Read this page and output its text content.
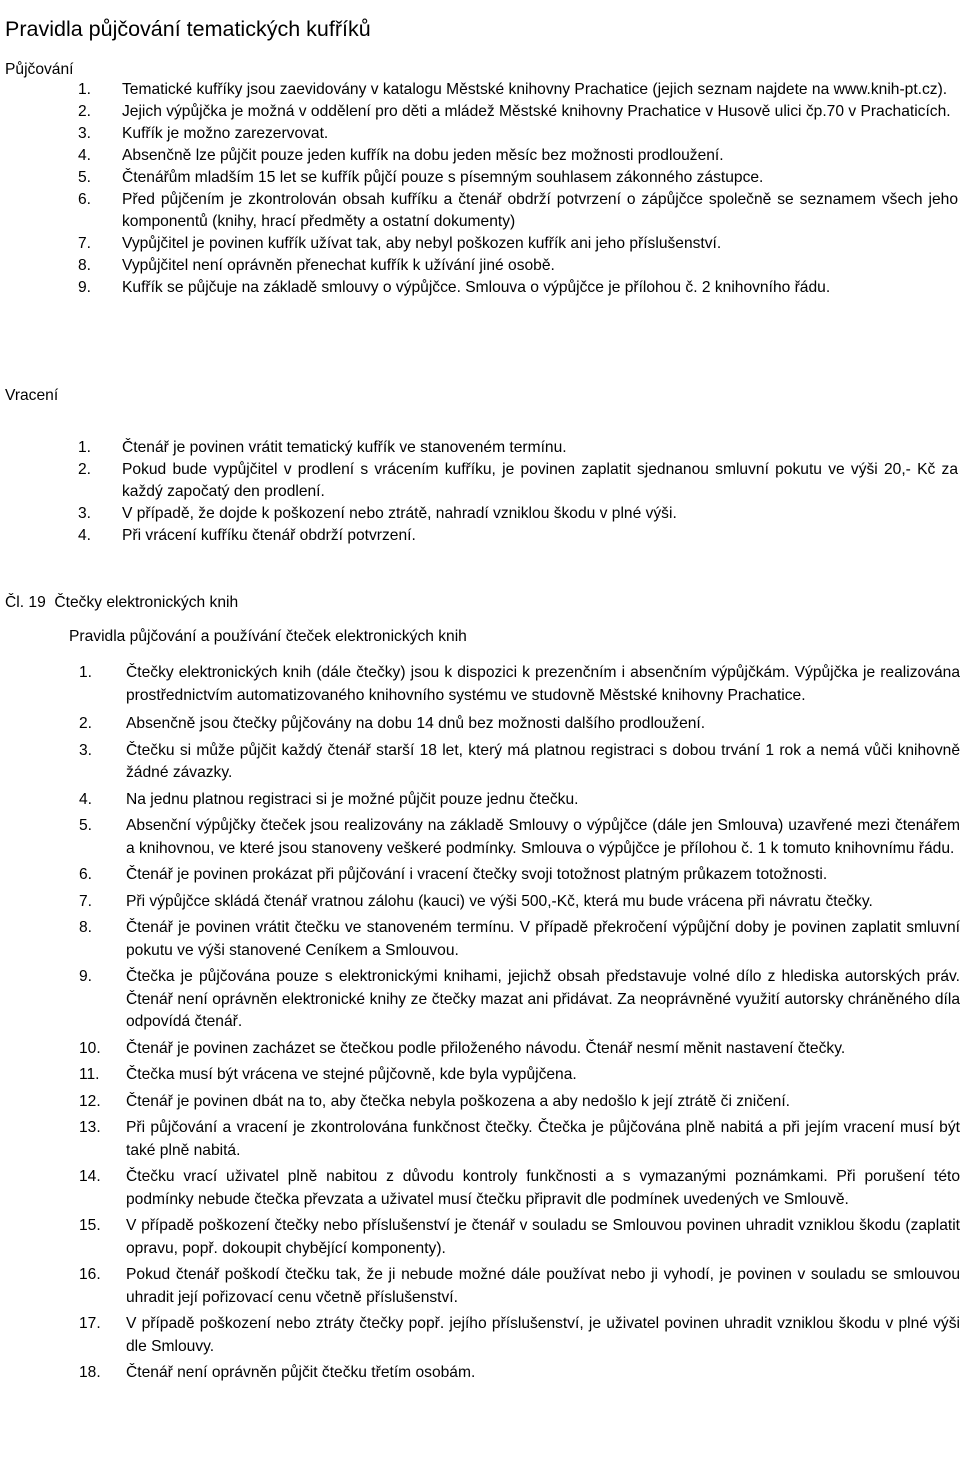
Pravidla půjčování tematických kufříků
Půjčování
1. Tematické kufříky jsou zaevidovány v katalogu Městské knihovny Prachatice (jejich seznam najdete na www.knih-pt.cz).
2. Jejich výpůjčka je možná v oddělení pro děti a mládež Městské knihovny Prachatice v Husově ulici čp.70 v Prachaticích.
3. Kufřík je možno zarezervovat.
4. Absenčně lze půjčit pouze jeden kufřík na dobu jeden měsíc bez možnosti prodloužení.
5. Čtenářům mladším 15 let se kufřík půjčí pouze s písemným souhlasem zákonného zástupce.
6. Před půjčením je zkontrolován obsah kufříku a čtenář obdrží potvrzení o zápůjčce společně se seznamem všech jeho komponentů (knihy, hrací předměty a ostatní dokumenty)
7. Vypůjčitel je povinen kufřík užívat tak, aby nebyl poškozen kufřík ani jeho příslušenství.
8. Vypůjčitel není oprávněn přenechat kufřík k užívání jiné osobě.
9. Kufřík se půjčuje na základě smlouvy o výpůjčce. Smlouva o výpůjčce je přílohou č. 2 knihovního řádu.
Vracení
1. Čtenář je povinen vrátit tematický kufřík ve stanoveném termínu.
2. Pokud bude vypůjčitel v prodlení s vrácením kufříku, je povinen zaplatit sjednanou smluvní pokutu ve výši 20,- Kč za každý započatý den prodlení.
3. V případě, že dojde k poškození nebo ztrátě, nahradí vzniklou škodu v plné výši.
4. Při vrácení kufříku čtenář obdrží potvrzení.
Čl. 19  Čtečky elektronických knih
Pravidla půjčování a používání čteček elektronických knih
1. Čtečky elektronických knih (dále čtečky) jsou k dispozici k prezenčním i absenčním výpůjčkám. Výpůjčka je realizována prostřednictvím automatizovaného knihovního systému ve studovně Městské knihovny Prachatice.
2. Absenčně jsou čtečky půjčovány na dobu 14 dnů bez možnosti dalšího prodloužení.
3. Čtečku si může půjčit každý čtenář starší 18 let, který má platnou registraci s dobou trvání 1 rok a nemá vůči knihovně žádné závazky.
4. Na jednu platnou registraci si je možné půjčit pouze jednu čtečku.
5. Absenční výpůjčky čteček jsou realizovány na základě Smlouvy o výpůjčce (dále jen Smlouva) uzavřené mezi čtenářem a knihovnou, ve které jsou stanoveny veškeré podmínky. Smlouva o výpůjčce je přílohou č. 1 k tomuto knihovnímu řádu.
6. Čtenář je povinen prokázat při půjčování i vracení čtečky svoji totožnost platným průkazem totožnosti.
7. Při výpůjčce skládá čtenář vratnou zálohu (kauci) ve výši 500,-Kč, která mu bude vrácena při návratu čtečky.
8. Čtenář je povinen vrátit čtečku ve stanoveném termínu. V případě překročení výpůjční doby je povinen zaplatit smluvní pokutu ve výši stanovené Ceníkem a Smlouvou.
9. Čtečka je půjčována pouze s elektronickými knihami, jejichž obsah představuje volné dílo z hlediska autorských práv. Čtenář není oprávněn elektronické knihy ze čtečky mazat ani přidávat. Za neoprávněné využití autorsky chráněného díla odpovídá čtenář.
10. Čtenář je povinen zacházet se čtečkou podle přiloženého návodu. Čtenář nesmí měnit nastavení čtečky.
11. Čtečka musí být vrácena ve stejné půjčovně, kde byla vypůjčena.
12. Čtenář je povinen dbát na to, aby čtečka nebyla poškozena a aby nedošlo k její ztrátě či zničení.
13. Při půjčování a vracení je zkontrolována funkčnost čtečky. Čtečka je půjčována plně nabitá a při jejím vracení musí být také plně nabitá.
14. Čtečku vrací uživatel plně nabitou z důvodu kontroly funkčnosti a s vymazanými poznámkami. Při porušení této podmínky nebude čtečka převzata a uživatel musí čtečku připravit dle podmínek uvedených ve Smlouvě.
15. V případě poškození čtečky nebo příslušenství je čtenář v souladu se Smlouvou povinen uhradit vzniklou škodu (zaplatit opravu, popř. dokoupit chybějící komponenty).
16. Pokud čtenář poškodí čtečku tak, že ji nebude možné dále používat nebo ji vyhodí, je povinen v souladu se smlouvou uhradit její pořizovací cenu včetně příslušenství.
17. V případě poškození nebo ztráty čtečky popř. jejího příslušenství, je uživatel povinen uhradit vzniklou škodu v plné výši dle Smlouvy.
18. Čtenář není oprávněn půjčit čtečku třetím osobám.
